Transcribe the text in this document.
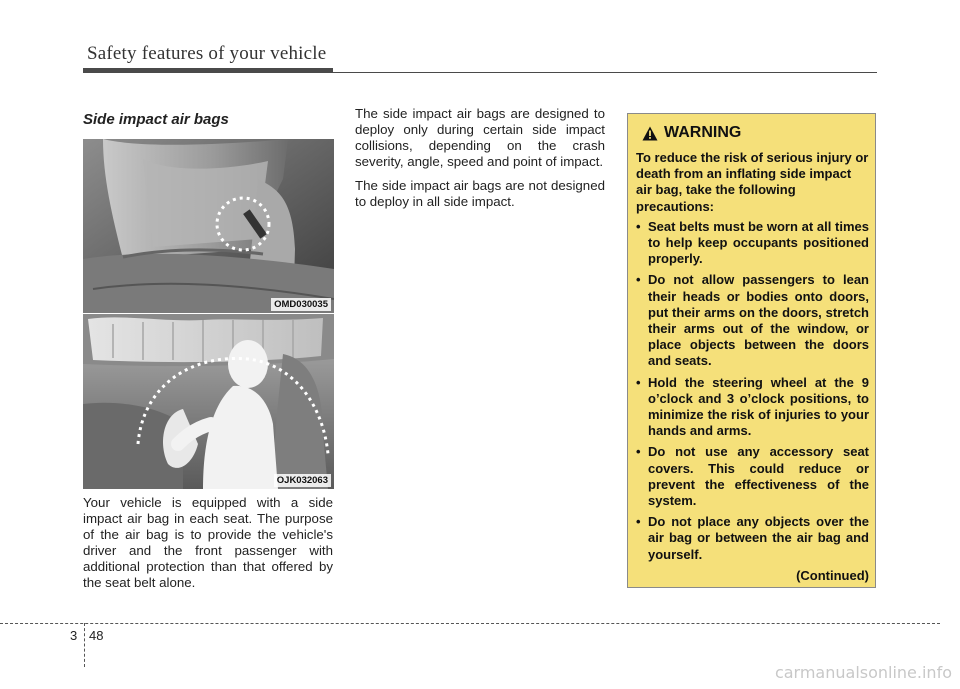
Safety features of your vehicle
Side impact air bags
OMD030035
OJK032063
Your vehicle is equipped with a side impact air bag in each seat. The purpose of the air bag is to provide the vehicle's driver and the front passenger with additional protection than that offered by the seat belt alone.

The side impact air bags are designed to deploy only during certain side impact collisions, depending on the crash severity, angle, speed and point of impact.

The side impact air bags are not designed to deploy in all side impact.

WARNING

To reduce the risk of serious injury or death from an inflating side impact air bag, take the following precautions:

• Seat belts must be worn at all times to help keep occupants positioned properly.
• Do not allow passengers to lean their heads or bodies onto doors, put their arms on the doors, stretch their arms out of the window, or place objects between the doors and seats.
• Hold the steering wheel at the 9 o’clock and 3 o’clock positions, to minimize the risk of injuries to your hands and arms.
• Do not use any accessory seat covers. This could reduce or prevent the effectiveness of the system.
• Do not place any objects over the air bag or between the air bag and yourself.
(Continued)
3 48
carmanualsonline.info
